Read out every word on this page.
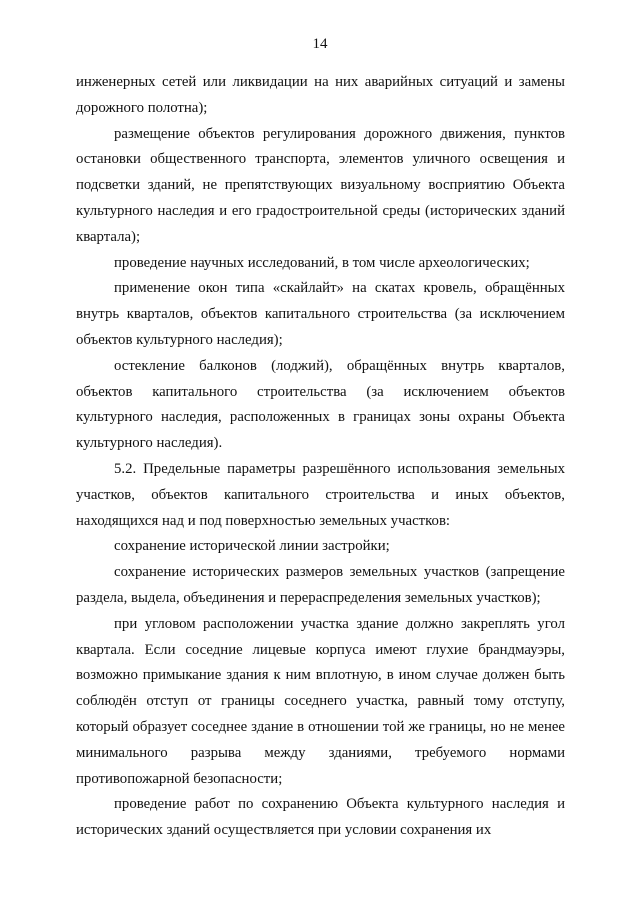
14

инженерных сетей или ликвидации на них аварийных ситуаций и замены дорожного полотна);

размещение объектов регулирования дорожного движения, пунктов остановки общественного транспорта, элементов уличного освещения и подсветки зданий, не препятствующих визуальному восприятию Объекта культурного наследия и его градостроительной среды (исторических зданий квартала);

проведение научных исследований, в том числе археологических;

применение окон типа «скайлайт» на скатах кровель, обращённых внутрь кварталов, объектов капитального строительства (за исключением объектов культурного наследия);

остекление балконов (лоджий), обращённых внутрь кварталов, объектов капитального строительства (за исключением объектов культурного наследия, расположенных в границах зоны охраны Объекта культурного наследия).

5.2. Предельные параметры разрешённого использования земельных участков, объектов капитального строительства и иных объектов, находящихся над и под поверхностью земельных участков:

сохранение исторической линии застройки;

сохранение исторических размеров земельных участков (запрещение раздела, выдела, объединения и перераспределения земельных участков);

при угловом расположении участка здание должно закреплять угол квартала. Если соседние лицевые корпуса имеют глухие брандмауэры, возможно примыкание здания к ним вплотную, в ином случае должен быть соблюдён отступ от границы соседнего участка, равный тому отступу, который образует соседнее здание в отношении той же границы, но не менее минимального разрыва между зданиями, требуемого нормами противопожарной безопасности;

проведение работ по сохранению Объекта культурного наследия и исторических зданий осуществляется при условии сохранения их
